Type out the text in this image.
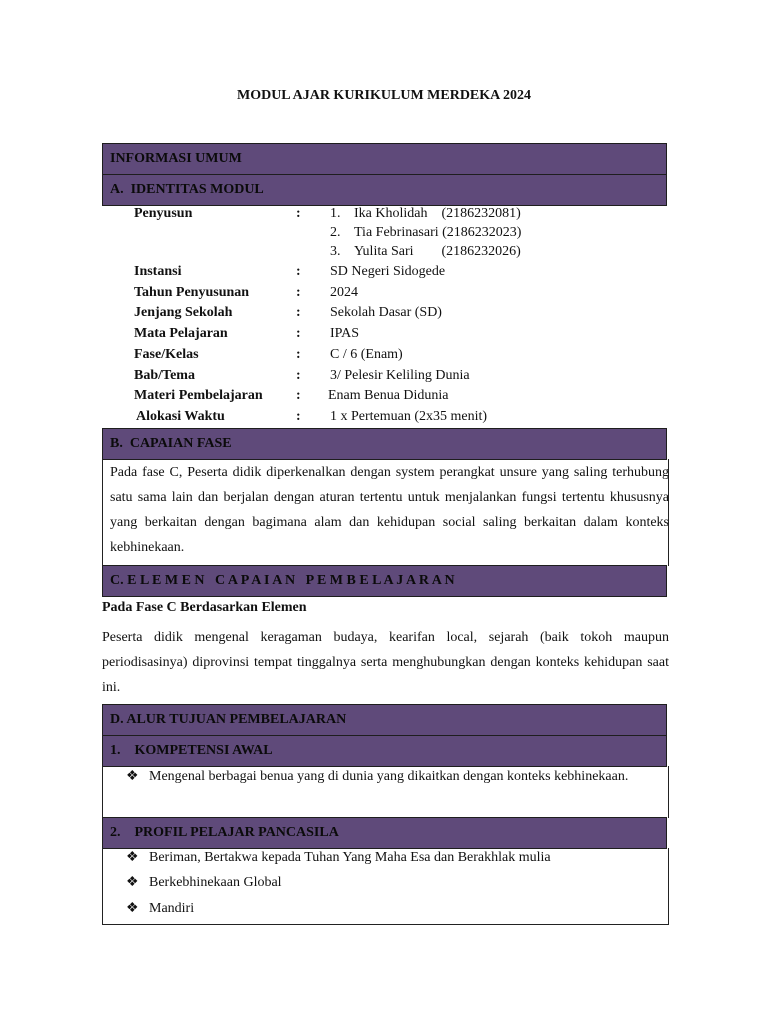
MODUL AJAR KURIKULUM MERDEKA 2024
INFORMASI UMUM
A.  IDENTITAS MODUL
Penyusun	:	1. Ika Kholidah    (2186232081)
2. Tia Febrinasari (2186232023)
3. Yulita Sari        (2186232026)
Instansi	:	SD Negeri Sidogede
Tahun Penyusunan	:	2024
Jenjang Sekolah	:	Sekolah Dasar (SD)
Mata Pelajaran	:	IPAS
Fase/Kelas	:	C / 6 (Enam)
Bab/Tema	:	3/ Pelesir Keliling Dunia
Materi Pembelajaran	:	Enam Benua Didunia
Alokasi Waktu	:	1 x Pertemuan (2x35 menit)
B.  CAPAIAN FASE
Pada fase C, Peserta didik diperkenalkan dengan system perangkat unsure yang saling terhubung satu sama lain dan berjalan dengan aturan tertentu untuk menjalankan fungsi tertentu khususnya yang berkaitan dengan bagimana alam dan kehidupan social saling berkaitan dalam konteks kebhinekaan.
C. E L E M E N   C A P A I A N   P E M B E L A J A R A N
Pada Fase C Berdasarkan Elemen
Peserta didik mengenal keragaman budaya, kearifan local, sejarah (baik tokoh maupun periodisasinya) diprovinsi tempat tinggalnya serta menghubungkan dengan konteks kehidupan saat ini.
D. ALUR TUJUAN PEMBELAJARAN
1.    KOMPETENSI AWAL
❖ Mengenal berbagai benua yang di dunia yang dikaitkan dengan konteks kebhinekaan.
2.    PROFIL PELAJAR PANCASILA
❖ Beriman, Bertakwa kepada Tuhan Yang Maha Esa dan Berakhlak mulia
❖ Berkebhinekaan Global
❖ Mandiri
